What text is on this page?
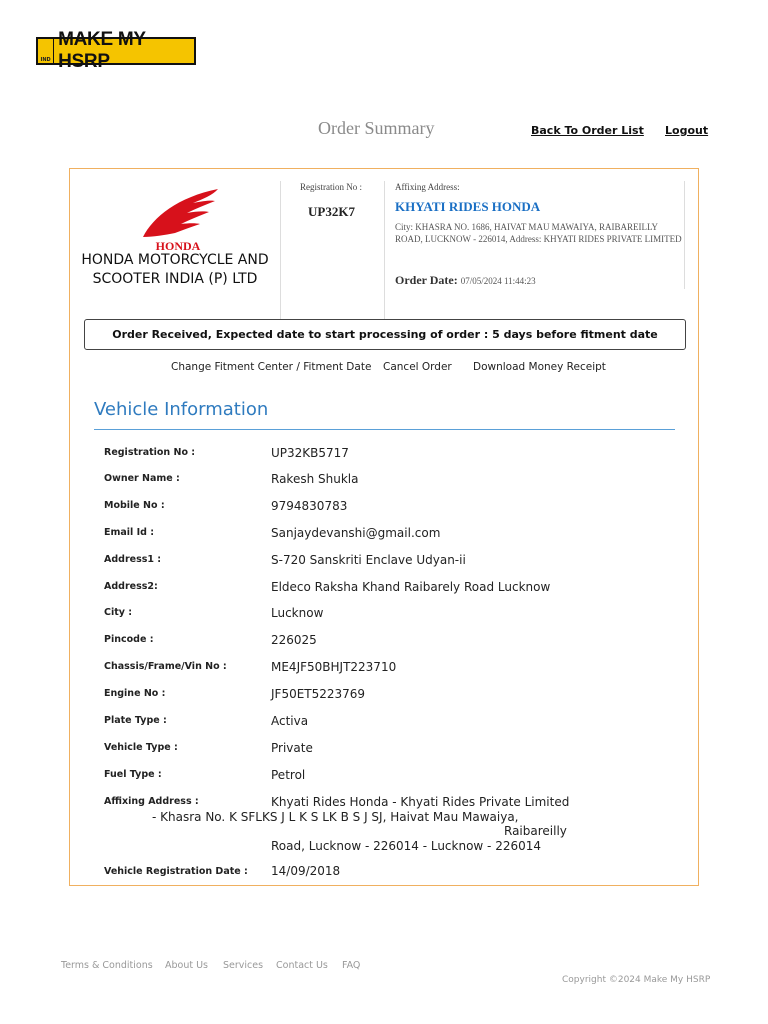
IND
MAKE MY HSRP
Order Summary	Back To Order List Logout
HONDA
HONDA MOTORCYCLE AND SCOOTER INDIA (P) LTD
Registration No :
UP32K7
Affixing Address:
KHYATI RIDES HONDA
City: KHASRA NO. 1686, HAIVAT MAU MAWAIYA, RAIBAREILLY ROAD, LUCKNOW - 226014, Address: KHYATI RIDES PRIVATE LIMITED
Order Date: 07/05/2024 11:44:23
Order Received, Expected date to start processing of order : 5 days before fitment date
Change Fitment Center / Fitment Date Cancel Order Download Money Receipt
Vehicle Information
Registration No :	UP32KB5717
Owner Name :	Rakesh Shukla
Mobile No :	9794830783
Email Id :	Sanjaydevanshi@gmail.com
Address1 :	S-720 Sanskriti Enclave Udyan-ii
Address2:	Eldeco Raksha Khand Raibarely Road Lucknow
City :	Lucknow
Pincode :	226025
Chassis/Frame/Vin No :	ME4JF50BHJT223710
Engine No :	JF50ET5223769
Plate Type :	Activa
Vehicle Type :	Private
Fuel Type :	Petrol
Affixing Address :	Khyati Rides Honda - Khyati Rides Private Limited
- Khasra No. K SFLKS J L K S LK B S J SJ, Haivat Mau Mawaiya,
Raibareilly
Road, Lucknow - 226014 - Lucknow - 226014
Vehicle Registration Date : 14/09/2018
Terms & Conditions About Us Services Contact Us FAQ
Copyright ©2024 Make My HSRP
